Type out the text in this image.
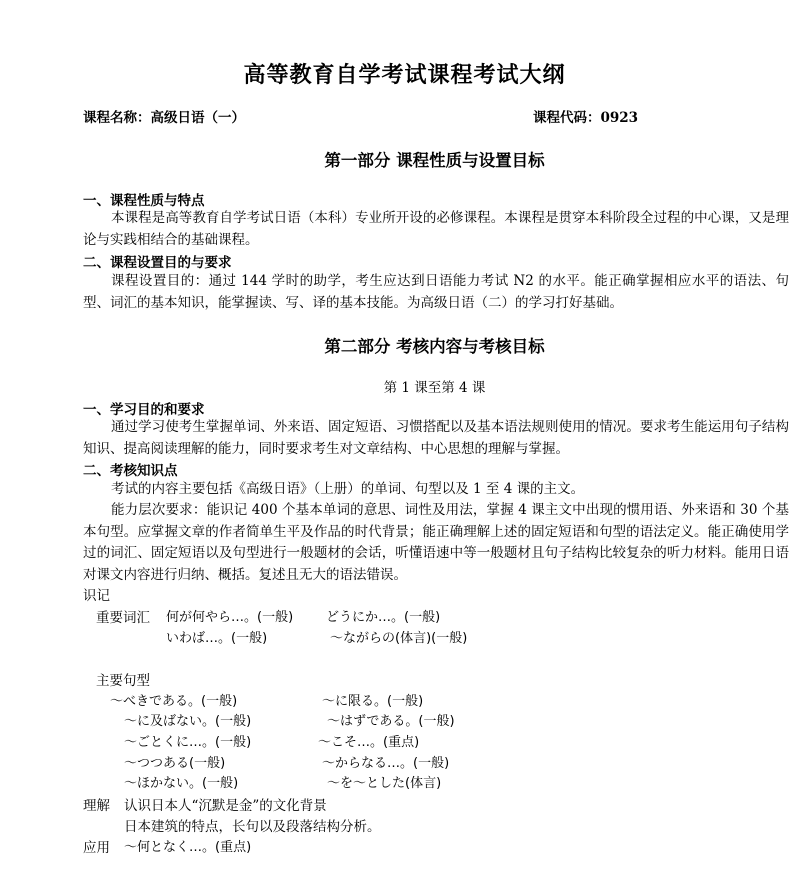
高等教育自学考试课程考试大纲
课程名称：高级日语（一）	课程代码：0923
第一部分 课程性质与设置目标
一、课程性质与特点
本课程是高等教育自学考试日语（本科）专业所开设的必修课程。本课程是贯穿本科阶段全过程的中心课，又是理论与实践相结合的基础课程。
二、课程设置目的与要求
课程设置目的：通过 144 学时的助学，考生应达到日语能力考试 N2 的水平。能正确掌握相应水平的语法、句型、词汇的基本知识，能掌握读、写、译的基本技能。为高级日语（二）的学习打好基础。
第二部分 考核内容与考核目标
第 1 课至第 4 课
一、学习目的和要求
通过学习使考生掌握单词、外来语、固定短语、习惯搭配以及基本语法规则使用的情况。要求考生能运用句子结构知识、提高阅读理解的能力，同时要求考生对文章结构、中心思想的理解与掌握。
二、考核知识点
考试的内容主要包括《高级日语》（上册）的单词、句型以及 1 至 4 课的主文。
能力层次要求：能识记 400 个基本单词的意思、词性及用法，掌握 4 课主文中出现的惯用语、外来语和 30 个基本句型。应掌握文章的作者简单生平及作品的时代背景；能正确理解上述的固定短语和句型的语法定义。能正确使用学过的词汇、固定短语以及句型进行一般题材的会话，听懂语速中等一般题材且句子结构比较复杂的听力材料。能用日语对课文内容进行归纳、概括。复述且无大的语法错误。
识记
重要词汇 何が何やら…。(一般)	どうにか…。(一般)
いわば…。(一般)	～ながらの(体言)(一般)
主要句型
～べきである。(一般)	～に限る。(一般)
～に及ばない。(一般)	～はずである。(一般)
～ごとくに…。(一般)	～こそ…。(重点)
～つつある(一般)	～からなる…。(一般)
～ほかない。(一般)	～を～とした(体言)
理解 认识日本人“沉默是金”的文化背景
日本建筑的特点，长句以及段落结构分析。
应用 ～何となく…。(重点)
